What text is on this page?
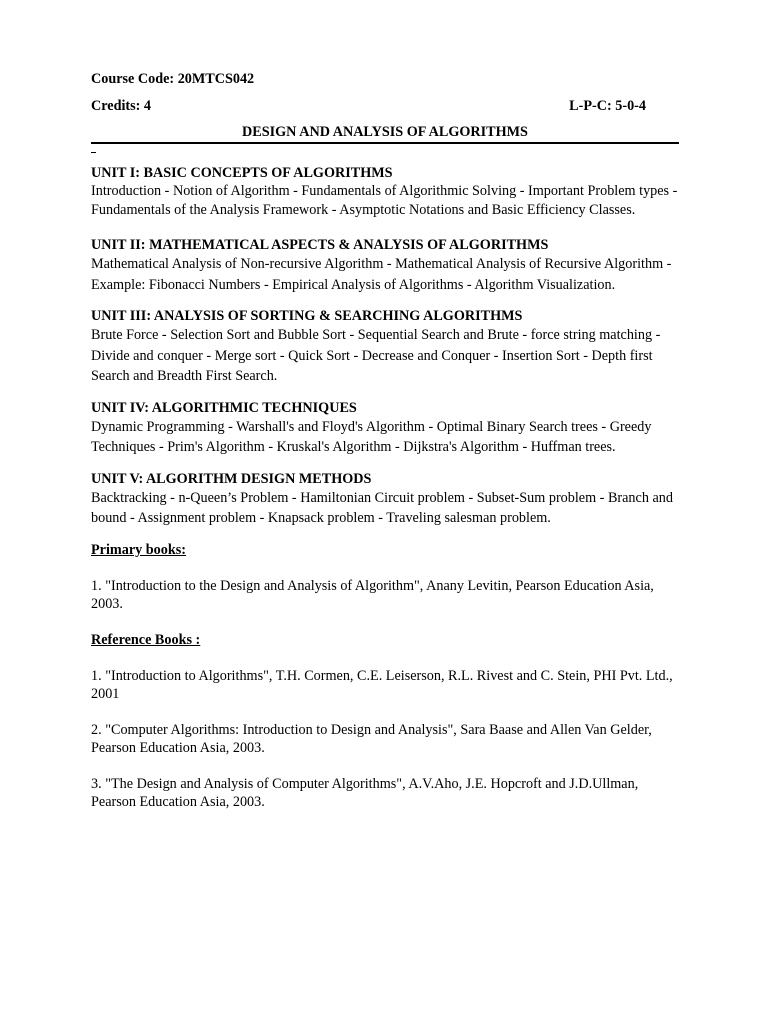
Course Code: 20MTCS042

Credits: 4	L-P-C: 5-0-4
DESIGN AND ANALYSIS OF ALGORITHMS
UNIT I: BASIC CONCEPTS OF ALGORITHMS
Introduction - Notion of Algorithm - Fundamentals of Algorithmic Solving - Important Problem types - Fundamentals of the Analysis Framework - Asymptotic Notations and Basic Efficiency Classes.
UNIT II: MATHEMATICAL ASPECTS & ANALYSIS OF ALGORITHMS
Mathematical Analysis of Non-recursive Algorithm - Mathematical Analysis of Recursive Algorithm - Example: Fibonacci Numbers - Empirical Analysis of Algorithms - Algorithm Visualization.
UNIT III: ANALYSIS OF SORTING & SEARCHING ALGORITHMS
Brute Force - Selection Sort and Bubble Sort - Sequential Search and Brute - force string matching - Divide and conquer - Merge sort - Quick Sort - Decrease and Conquer - Insertion Sort - Depth first Search and Breadth First Search.
UNIT IV: ALGORITHMIC TECHNIQUES
Dynamic Programming - Warshall's and Floyd's Algorithm - Optimal Binary Search trees - Greedy Techniques - Prim's Algorithm - Kruskal's Algorithm - Dijkstra's Algorithm - Huffman trees.
UNIT V: ALGORITHM DESIGN METHODS
Backtracking - n-Queen’s Problem - Hamiltonian Circuit problem - Subset-Sum problem - Branch and bound - Assignment problem - Knapsack problem - Traveling salesman problem.
Primary books:

1. "Introduction to the Design and Analysis of Algorithm", Anany Levitin, Pearson Education Asia, 2003.

Reference Books :

1. "Introduction to Algorithms", T.H. Cormen, C.E. Leiserson, R.L. Rivest and C. Stein, PHI Pvt. Ltd., 2001

2. "Computer Algorithms: Introduction to Design and Analysis", Sara Baase and Allen Van Gelder, Pearson Education Asia, 2003.

3. "The Design and Analysis of Computer Algorithms", A.V.Aho, J.E. Hopcroft and J.D.Ullman, Pearson Education Asia, 2003.
